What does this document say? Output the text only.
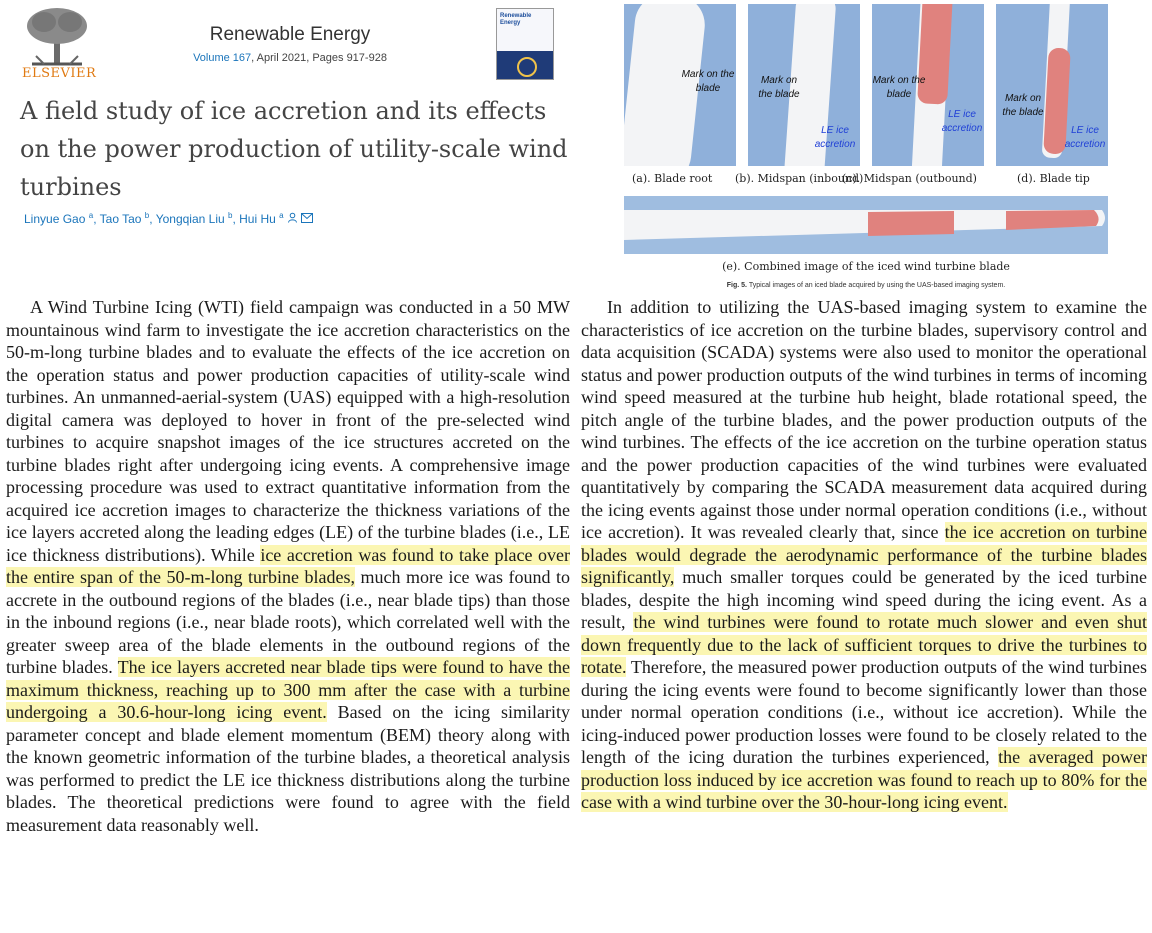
ELSEVIER
Renewable Energy
Volume 167, April 2021, Pages 917-928
Renewable Energy
A field study of ice accretion and its effects on the power production of utility-scale wind turbines
Linyue Gao $^a$, Tao Tao $^b$, Yongqian Liu $^b$, Hui Hu $^a$
Mark on the blade
(a). Blade root
Mark on the blade
LE ice accretion
(b). Midspan (inbound)
Mark on the blade
LE ice accretion
(c). Midspan (outbound)
Mark on the blade
LE ice accretion
(d). Blade tip
(e). Combined image of the iced wind turbine blade
Fig. 5. Typical images of an iced blade acquired by using the UAS-based imaging system.

A Wind Turbine Icing (WTI) field campaign was conducted in a 50 MW mountainous wind farm to investigate the ice accretion characteristics on the 50-m-long turbine blades and to evaluate the effects of the ice accretion on the operation status and power production capacities of utility-scale wind turbines. An unmanned-aerial-system (UAS) equipped with a high-resolution digital camera was deployed to hover in front of the pre-selected wind turbines to acquire snapshot images of the ice structures accreted on the turbine blades right after undergoing icing events. A comprehensive image processing procedure was used to extract quantitative information from the acquired ice accretion images to characterize the thickness variations of the ice layers accreted along the leading edges (LE) of the turbine blades (i.e., LE ice thickness distributions). While ice accretion was found to take place over the entire span of the 50-m-long turbine blades, much more ice was found to accrete in the outbound regions of the blades (i.e., near blade tips) than those in the inbound regions (i.e., near blade roots), which correlated well with the greater sweep area of the blade elements in the outbound regions of the turbine blades. The ice layers accreted near blade tips were found to have the maximum thickness, reaching up to 300 mm after the case with a turbine undergoing a 30.6-hour-long icing event. Based on the icing similarity parameter concept and blade element momentum (BEM) theory along with the known geometric information of the turbine blades, a theoretical analysis was performed to predict the LE ice thickness distributions along the turbine blades. The theoretical predictions were found to agree with the field measurement data reasonably well.

In addition to utilizing the UAS-based imaging system to examine the characteristics of ice accretion on the turbine blades, supervisory control and data acquisition (SCADA) systems were also used to monitor the operational status and power production outputs of the wind turbines in terms of incoming wind speed measured at the turbine hub height, blade rotational speed, the pitch angle of the turbine blades, and the power production outputs of the wind turbines. The effects of the ice accretion on the turbine operation status and the power production capacities of the wind turbines were evaluated quantitatively by comparing the SCADA measurement data acquired during the icing events against those under normal operation conditions (i.e., without ice accretion). It was revealed clearly that, since the ice accretion on turbine blades would degrade the aerodynamic performance of the turbine blades significantly, much smaller torques could be generated by the iced turbine blades, despite the high incoming wind speed during the icing event. As a result, the wind turbines were found to rotate much slower and even shut down frequently due to the lack of sufficient torques to drive the turbines to rotate. Therefore, the measured power production outputs of the wind turbines during the icing events were found to become significantly lower than those under normal operation conditions (i.e., without ice accretion). While the icing-induced power production losses were found to be closely related to the length of the icing duration the turbines experienced, the averaged power production loss induced by ice accretion was found to reach up to 80% for the case with a wind turbine over the 30-hour-long icing event.
